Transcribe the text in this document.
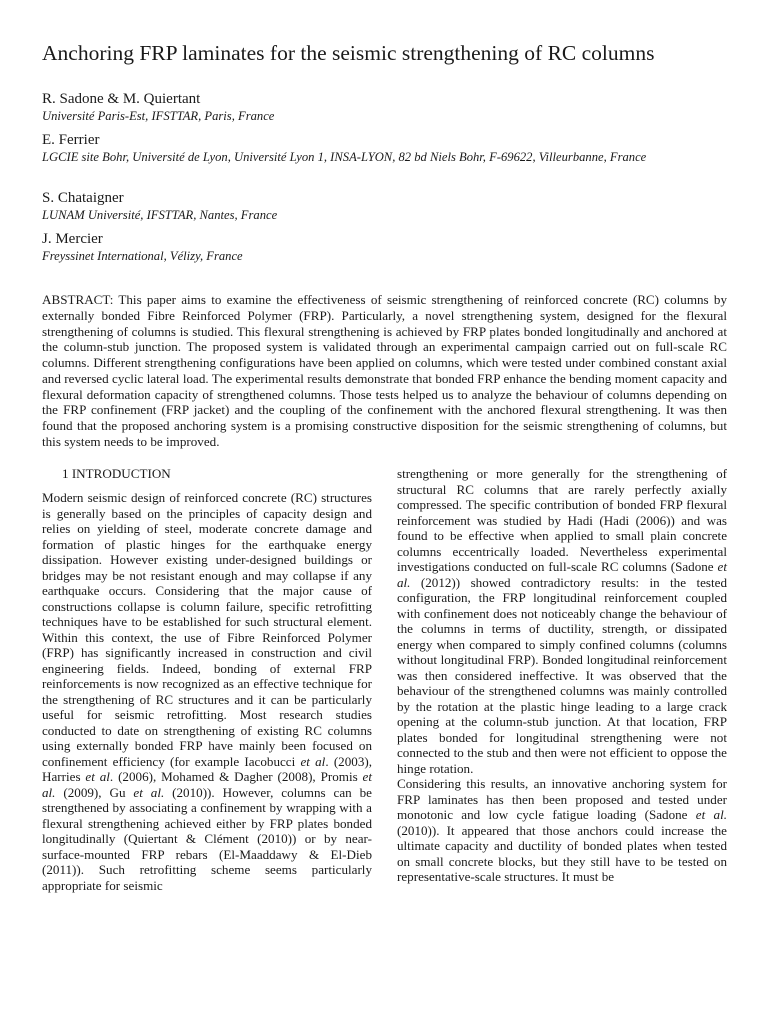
Anchoring FRP laminates for the seismic strengthening of RC columns
R. Sadone & M. Quiertant
Université Paris-Est, IFSTTAR, Paris, France
E. Ferrier
LGCIE site Bohr, Université de Lyon, Université Lyon 1, INSA-LYON, 82 bd Niels Bohr, F-69622, Villeurbanne, France
S. Chataigner
LUNAM Université, IFSTTAR, Nantes, France
J. Mercier
Freyssinet International, Vélizy, France
ABSTRACT: This paper aims to examine the effectiveness of seismic strengthening of reinforced concrete (RC) columns by externally bonded Fibre Reinforced Polymer (FRP). Particularly, a novel strengthening system, designed for the flexural strengthening of columns is studied. This flexural strengthening is achieved by FRP plates bonded longitudinally and anchored at the column-stub junction. The proposed system is validated through an experimental campaign carried out on full-scale RC columns. Different strengthening configurations have been applied on columns, which were tested under combined constant axial and reversed cyclic lateral load. The experimental results demonstrate that bonded FRP enhance the bending moment capacity and flexural deformation capacity of strengthened columns. Those tests helped us to analyze the behaviour of columns depending on the FRP confinement (FRP jacket) and the coupling of the confinement with the anchored flexural strengthening. It was then found that the proposed anchoring system is a promising constructive disposition for the seismic strengthening of columns, but this system needs to be improved.
1 INTRODUCTION

Modern seismic design of reinforced concrete (RC) structures is generally based on the principles of capacity design and relies on yielding of steel, moderate concrete damage and formation of plastic hinges for the earthquake energy dissipation. However existing under-designed buildings or bridges may be not resistant enough and may collapse if any earthquake occurs. Considering that the major cause of constructions collapse is column failure, specific retrofitting techniques have to be established for such structural element. Within this context, the use of Fibre Reinforced Polymer (FRP) has significantly increased in construction and civil engineering fields. Indeed, bonding of external FRP reinforcements is now recognized as an effective technique for the strengthening of RC structures and it can be particularly useful for seismic retrofitting. Most research studies conducted to date on strengthening of existing RC columns using externally bonded FRP have mainly been focused on confinement efficiency (for example Iacobucci et al. (2003), Harries et al. (2006), Mohamed & Dagher (2008), Promis et al. (2009), Gu et al. (2010)). However, columns can be strengthened by associating a confinement by wrapping with a flexural strengthening achieved either by FRP plates bonded longitudinally (Quiertant & Clément (2010)) or by near-surface-mounted FRP rebars (El-Maaddawy & El-Dieb (2011)). Such retrofitting scheme seems particularly appropriate for seismic

strengthening or more generally for the strengthening of structural RC columns that are rarely perfectly axially compressed. The specific contribution of bonded FRP flexural reinforcement was studied by Hadi (Hadi (2006)) and was found to be effective when applied to small plain concrete columns eccentrically loaded. Nevertheless experimental investigations conducted on full-scale RC columns (Sadone et al. (2012)) showed contradictory results: in the tested configuration, the FRP longitudinal reinforcement coupled with confinement does not noticeably change the behaviour of the columns in terms of ductility, strength, or dissipated energy when compared to simply confined columns (columns without longitudinal FRP). Bonded longitudinal reinforcement was then considered ineffective. It was observed that the behaviour of the strengthened columns was mainly controlled by the rotation at the plastic hinge leading to a large crack opening at the column-stub junction. At that location, FRP plates bonded for longitudinal strengthening were not connected to the stub and then were not efficient to oppose the hinge rotation.

Considering this results, an innovative anchoring system for FRP laminates has then been proposed and tested under monotonic and low cycle fatigue loading (Sadone et al. (2010)). It appeared that those anchors could increase the ultimate capacity and ductility of bonded plates when tested on small concrete blocks, but they still have to be tested on representative-scale structures. It must be
